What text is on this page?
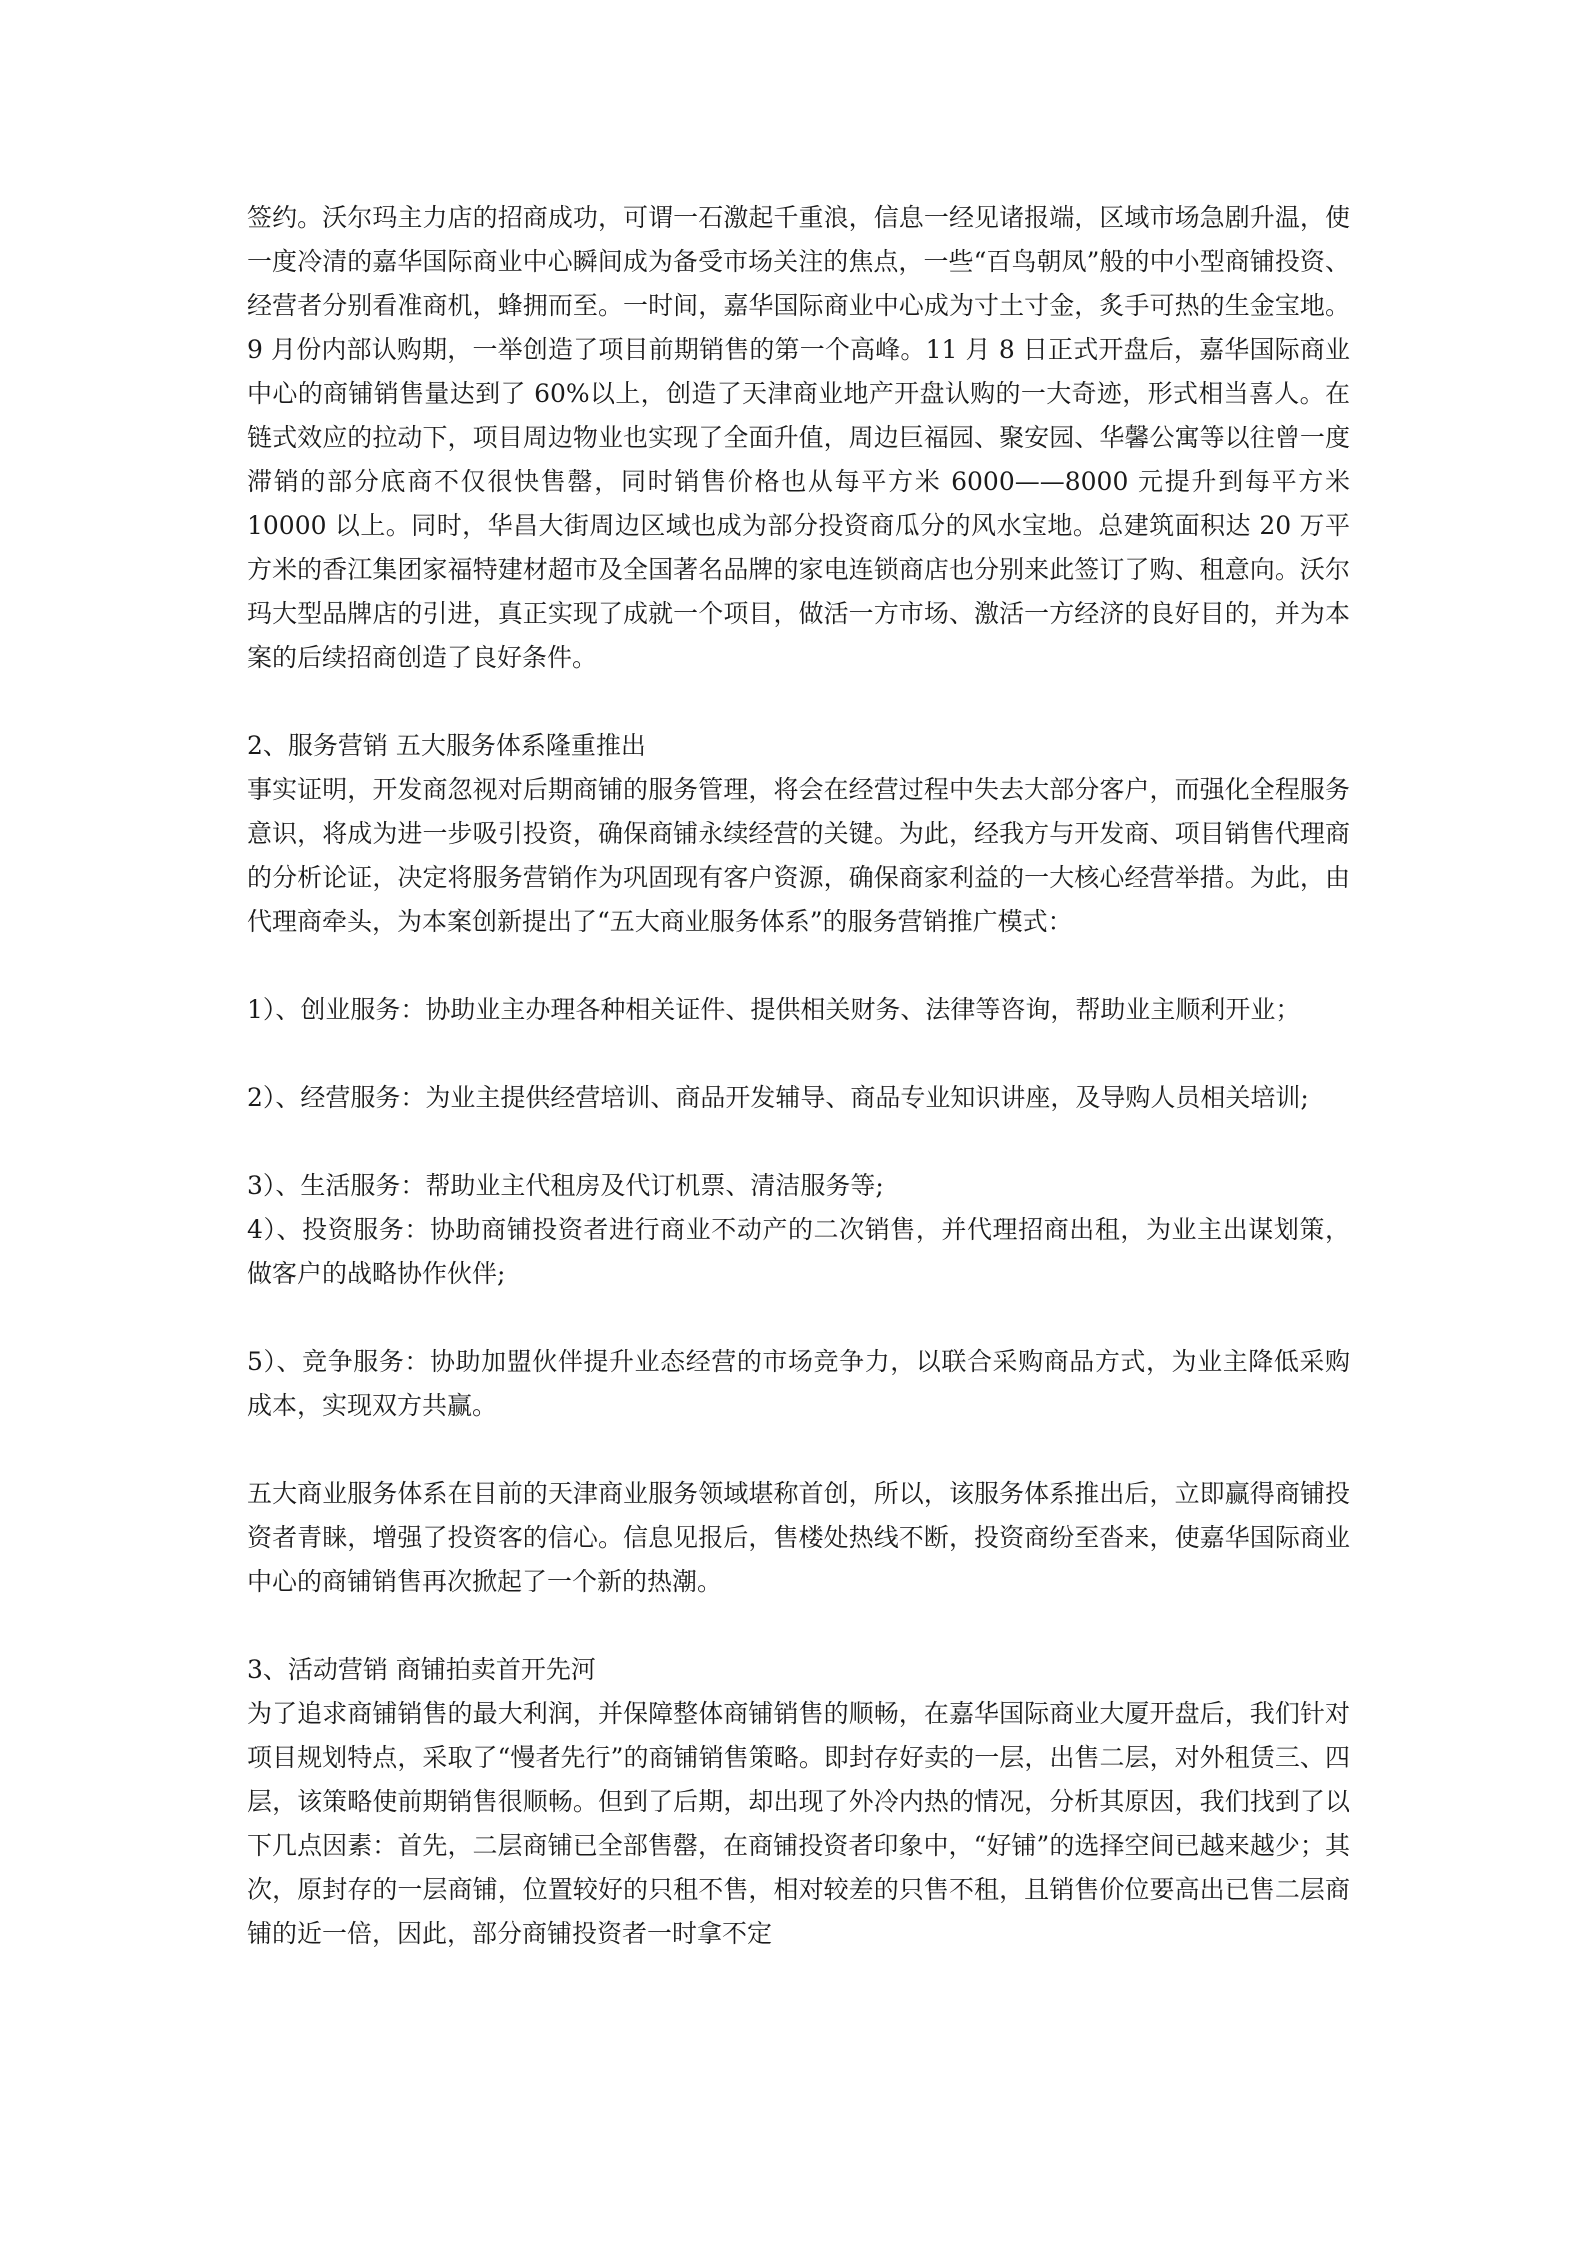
签约。沃尔玛主力店的招商成功，可谓一石激起千重浪，信息一经见诸报端，区域市场急剧升温，使一度冷清的嘉华国际商业中心瞬间成为备受市场关注的焦点，一些“百鸟朝凤”般的中小型商铺投资、经营者分别看准商机，蜂拥而至。一时间，嘉华国际商业中心成为寸土寸金，炙手可热的生金宝地。9 月份内部认购期，一举创造了项目前期销售的第一个高峰。11 月 8 日正式开盘后，嘉华国际商业中心的商铺销售量达到了 60%以上，创造了天津商业地产开盘认购的一大奇迹，形式相当喜人。在链式效应的拉动下，项目周边物业也实现了全面升值，周边巨福园、聚安园、华馨公寓等以往曾一度滞销的部分底商不仅很快售罄，同时销售价格也从每平方米 6000——8000 元提升到每平方米 10000 以上。同时，华昌大街周边区域也成为部分投资商瓜分的风水宝地。总建筑面积达 20 万平方米的香江集团家福特建材超市及全国著名品牌的家电连锁商店也分别来此签订了购、租意向。沃尔玛大型品牌店的引进，真正实现了成就一个项目，做活一方市场、激活一方经济的良好目的，并为本案的后续招商创造了良好条件。

2、服务营销 五大服务体系隆重推出

事实证明，开发商忽视对后期商铺的服务管理，将会在经营过程中失去大部分客户，而强化全程服务意识，将成为进一步吸引投资，确保商铺永续经营的关键。为此，经我方与开发商、项目销售代理商的分析论证，决定将服务营销作为巩固现有客户资源，确保商家利益的一大核心经营举措。为此，由代理商牵头，为本案创新提出了“五大商业服务体系”的服务营销推广模式：

1）、创业服务：协助业主办理各种相关证件、提供相关财务、法律等咨询，帮助业主顺利开业；

2）、经营服务：为业主提供经营培训、商品开发辅导、商品专业知识讲座，及导购人员相关培训;

3）、生活服务：帮助业主代租房及代订机票、清洁服务等;

4）、投资服务：协助商铺投资者进行商业不动产的二次销售，并代理招商出租，为业主出谋划策，做客户的战略协作伙伴;

5）、竞争服务：协助加盟伙伴提升业态经营的市场竞争力，以联合采购商品方式，为业主降低采购成本，实现双方共赢。

五大商业服务体系在目前的天津商业服务领域堪称首创，所以，该服务体系推出后，立即赢得商铺投资者青睐，增强了投资客的信心。信息见报后，售楼处热线不断，投资商纷至沓来，使嘉华国际商业中心的商铺销售再次掀起了一个新的热潮。

3、活动营销 商铺拍卖首开先河

为了追求商铺销售的最大利润，并保障整体商铺销售的顺畅，在嘉华国际商业大厦开盘后，我们针对项目规划特点，采取了“慢者先行”的商铺销售策略。即封存好卖的一层，出售二层，对外租赁三、四层，该策略使前期销售很顺畅。但到了后期，却出现了外冷内热的情况，分析其原因，我们找到了以下几点因素：首先，二层商铺已全部售罄，在商铺投资者印象中，“好铺”的选择空间已越来越少；其次，原封存的一层商铺，位置较好的只租不售，相对较差的只售不租，且销售价位要高出已售二层商铺的近一倍，因此，部分商铺投资者一时拿不定
